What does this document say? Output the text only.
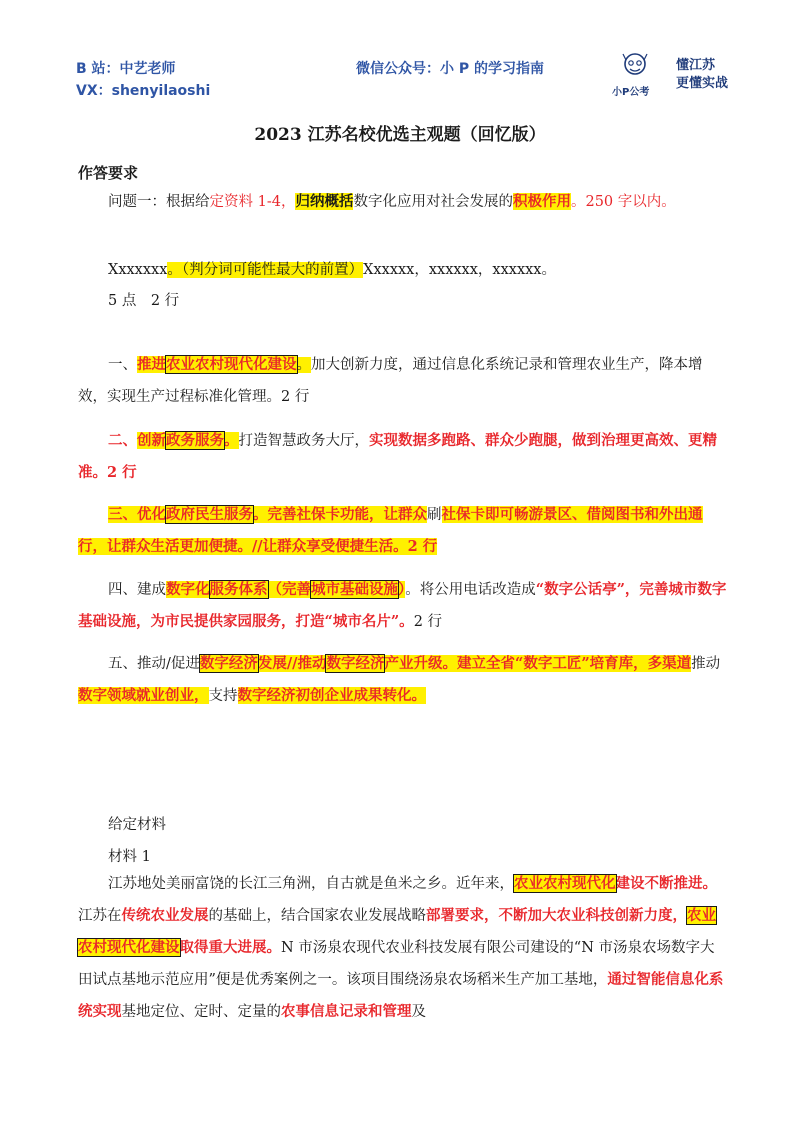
B 站：中艺老师
VX：shenyilaoshi
微信公众号：小 P 的学习指南
小P公考
懂江苏
更懂实战
2023 江苏名校优选主观题（回忆版）
作答要求
问题一：根据给定资料 1-4，归纳概括数字化应用对社会发展的积极作用。250 字以内。
Xxxxxxx。（判分词可能性最大的前置）Xxxxxx，xxxxxx，xxxxxx。
5 点　2 行
一、推进农业农村现代化建设。加大创新力度，通过信息化系统记录和管理农业生产，降本增效，实现生产过程标准化管理。2 行
二、创新政务服务。打造智慧政务大厅，实现数据多跑路、群众少跑腿，做到治理更高效、更精准。2 行
三、优化政府民生服务。完善社保卡功能，让群众刷社保卡即可畅游景区、借阅图书和外出通行，让群众生活更加便捷。//让群众享受便捷生活。2 行
四、建成数字化服务体系（完善城市基础设施）。将公用电话改造成“数字公话亭”，完善城市数字基础设施，为市民提供家园服务，打造“城市名片”。2 行
五、推动/促进数字经济发展//推动数字经济产业升级。建立全省“数字工匠”培育库，多渠道推动数字领域就业创业，支持数字经济初创企业成果转化。
给定材料
材料 1
江苏地处美丽富饶的长江三角洲，自古就是鱼米之乡。近年来，农业农村现代化建设不断推进。江苏在传统农业发展的基础上，结合国家农业发展战略部署要求，不断加大农业科技创新力度，农业农村现代化建设取得重大进展。N 市汤泉农现代农业科技发展有限公司建设的“N 市汤泉农场数字大田试点基地示范应用”便是优秀案例之一。该项目围绕汤泉农场稻米生产加工基地，通过智能信息化系统实现基地定位、定时、定量的农事信息记录和管理及
